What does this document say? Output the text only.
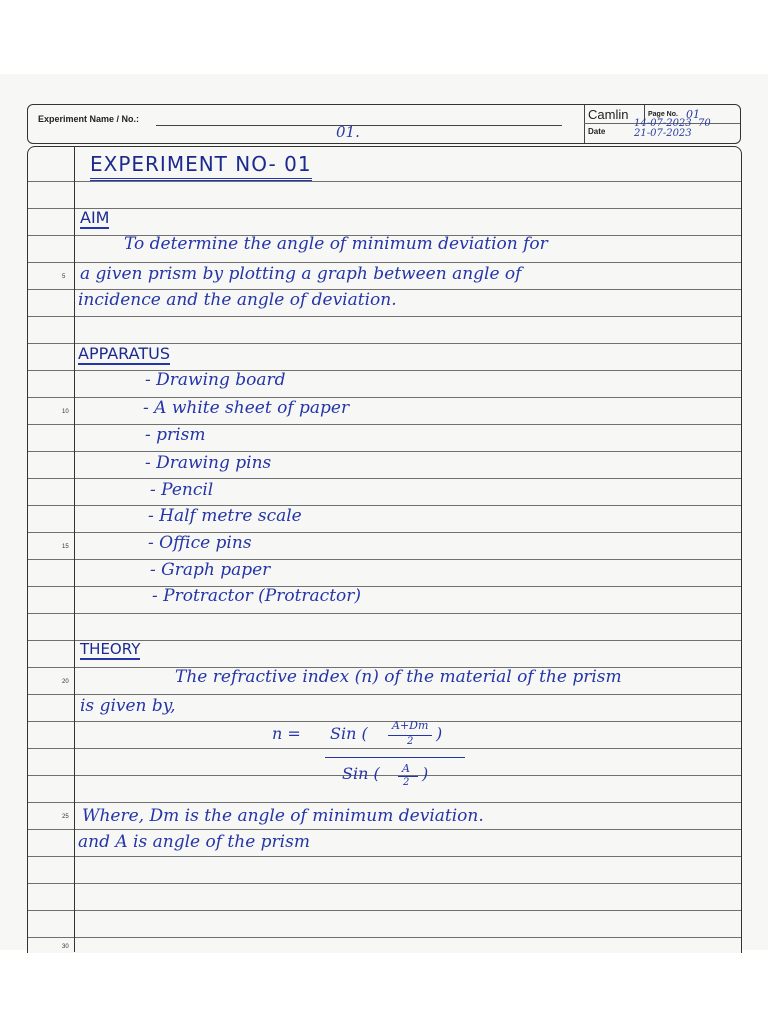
Experiment Name / No.:
01.
Camlin	Page No. 01
Date
14-07-2023  70
21-07-2023
5
10
15
20
25
30
EXPERIMENT NO- 01
AIM
To determine the angle of minimum deviation for
a given prism by plotting a graph between angle of
incidence and the angle of deviation.
APPARATUS
- Drawing board
- A white sheet of paper
- prism
- Drawing pins
- Pencil
- Half metre scale
- Office pins
- Graph paper
- Protractor (Protractor)
THEORY
The refractive index (n) of the material of the prism
is given by,
n = Sin ( A+Dm
2 )
Sin ( A
2 )
Where, Dm is the angle of minimum deviation.
and A is angle of the prism
